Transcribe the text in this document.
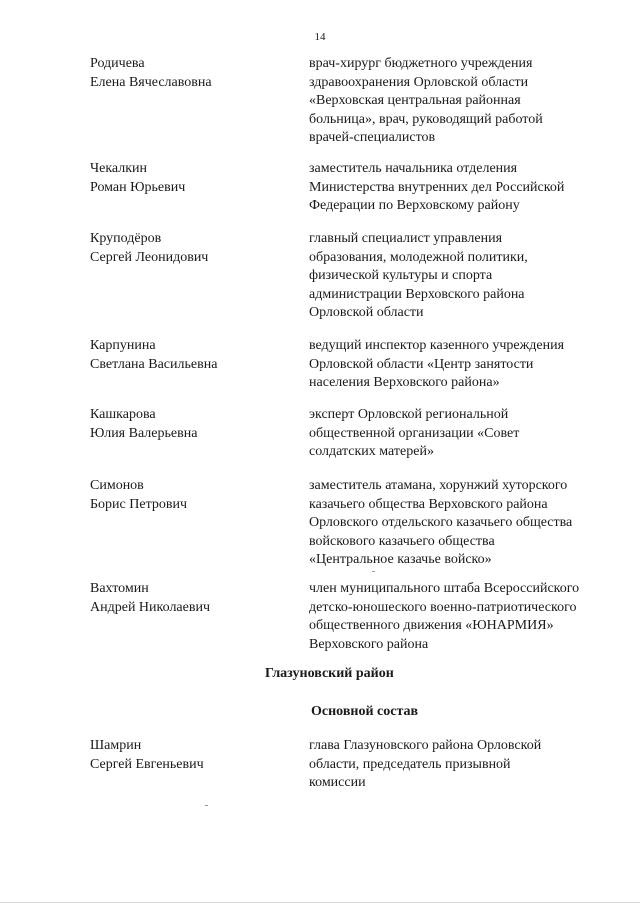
14
Родичева
Елена Вячеславовна
врач-хирург бюджетного учреждения
здравоохранения Орловской области
«Верховская центральная районная
больница», врач, руководящий работой
врачей-специалистов
Чекалкин
Роман Юрьевич
заместитель начальника отделения
Министерства внутренних дел Российской
Федерации по Верховскому району
Круподёров
Сергей Леонидович
главный специалист управления
образования, молодежной политики,
физической культуры и спорта
администрации Верховского района
Орловской области
Карпунина
Светлана Васильевна
ведущий инспектор казенного учреждения
Орловской области «Центр занятости
населения Верховского района»
Кашкарова
Юлия Валерьевна
эксперт Орловской региональной
общественной организации «Совет
солдатских матерей»
Симонов
Борис Петрович
заместитель атамана, хорунжий хуторского
казачьего общества Верховского района
Орловского отдельского казачьего общества
войскового казачьего общества
«Центральное казачье войско»
Вахтомин
Андрей Николаевич
член муниципального штаба Всероссийского
детско-юношеского военно-патриотического
общественного движения «ЮНАРМИЯ»
Верховского района
Глазуновский район
Основной состав
Шамрин
Сергей Евгеньевич
глава Глазуновского района Орловской
области, председатель призывной
комиссии
